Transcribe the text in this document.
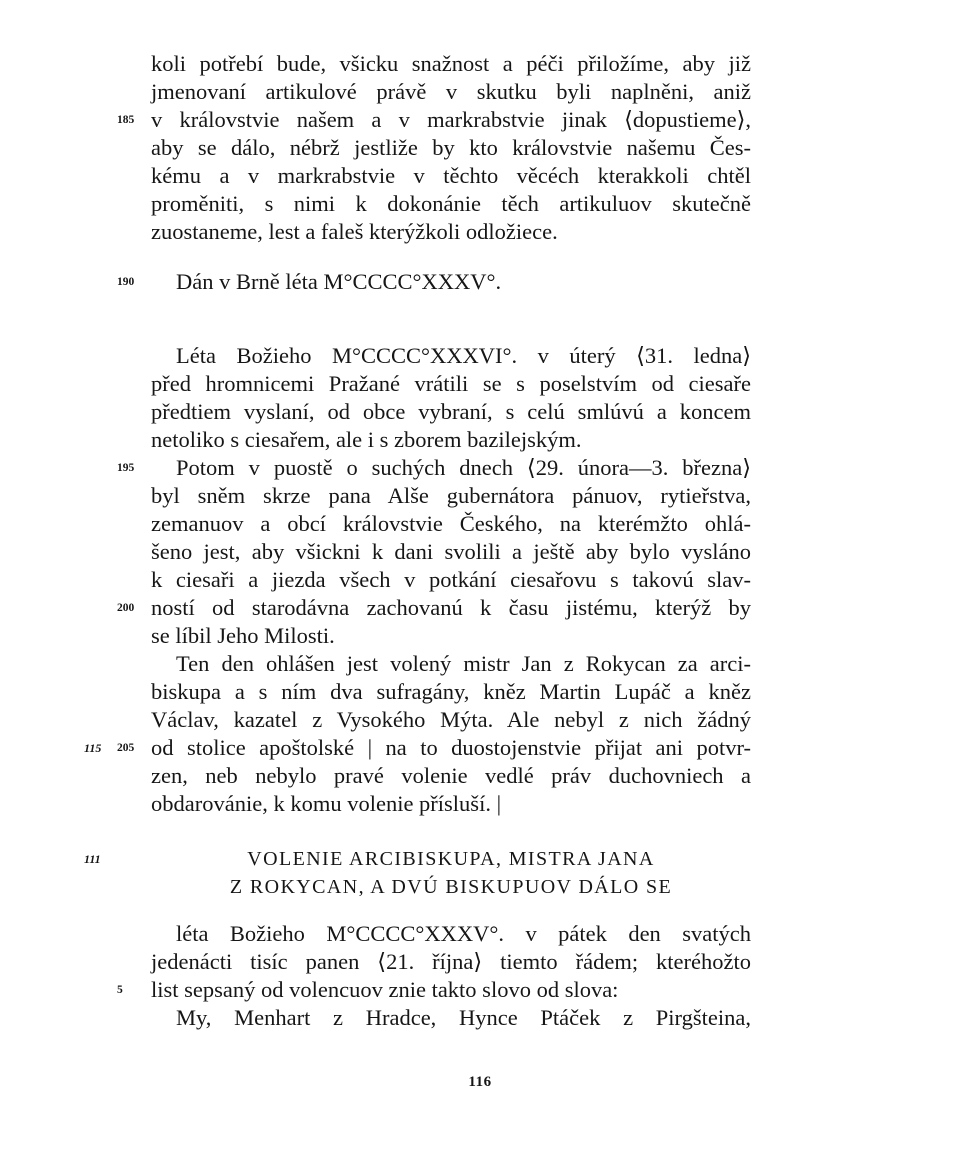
koli potřebí bude, všicku snažnost a péči přiložíme, aby již
jmenovaní artikulové právě v skutku byli naplněni, aniž
185 v královstvie našem a v markrabstvie jinak ⟨dopustieme⟩,
aby se dálo, nébrž jestliže by kto královstvie našemu Čes-
kému a v markrabstvie v těchto věcéch kterakkoli chtěl
proměniti, s nimi k dokonánie těch artikuluov skutečně
zuostaneme, lest a faleš kterýžkoli odložiece.
190	Dán v Brně léta M°CCCC°XXXV°.
Léta Božieho M°CCCC°XXXVI°. v úterý ⟨31. ledna⟩
před hromnicemi Pražané vrátili se s poselstvím od ciesaře
předtiem vyslaní, od obce vybraní, s celú smlúvú a koncem
netoliko s ciesařem, ale i s zborem bazilejským.
195	Potom v puostě o suchých dnech ⟨29. února—3. března⟩
byl sněm skrze pana Alše gubernátora pánuov, rytieřstva,
zemanuov a obcí královstvie Českého, na kterémžto ohlá-
šeno jest, aby všickni k dani svolili a ještě aby bylo vysláno
k ciesaři a jiezda všech v potkání ciesařovu s takovú slav-
200 ností od starodávna zachovanú k času jistému, kterýž by
se líbil Jeho Milosti.
Ten den ohlášen jest volený mistr Jan z Rokycan za arci-
biskupa a s ním dva sufragány, kněz Martin Lupáč a kněz
Václav, kazatel z Vysokého Mýta. Ale nebyl z nich žádný
115	205 od stolice apoštolské | na to duostojenstvie přijat ani potvr-
zen, neb nebylo pravé volenie vedlé práv duchovniech a
obdarovánie, k komu volenie přísluší. |
111	VOLENIE ARCIBISKUPA, MISTRA JANA
Z ROKYCAN, A DVÚ BISKUPUOV DÁLO SE
léta Božieho M°CCCC°XXXV°. v pátek den svatých
jedenácti tisíc panen ⟨21. října⟩ tiemto řádem; kteréhožto
5	list sepsaný od volencuov znie takto slovo od slova:
My, Menhart z Hradce, Hynce Ptáček z Pirgšteina,
116
